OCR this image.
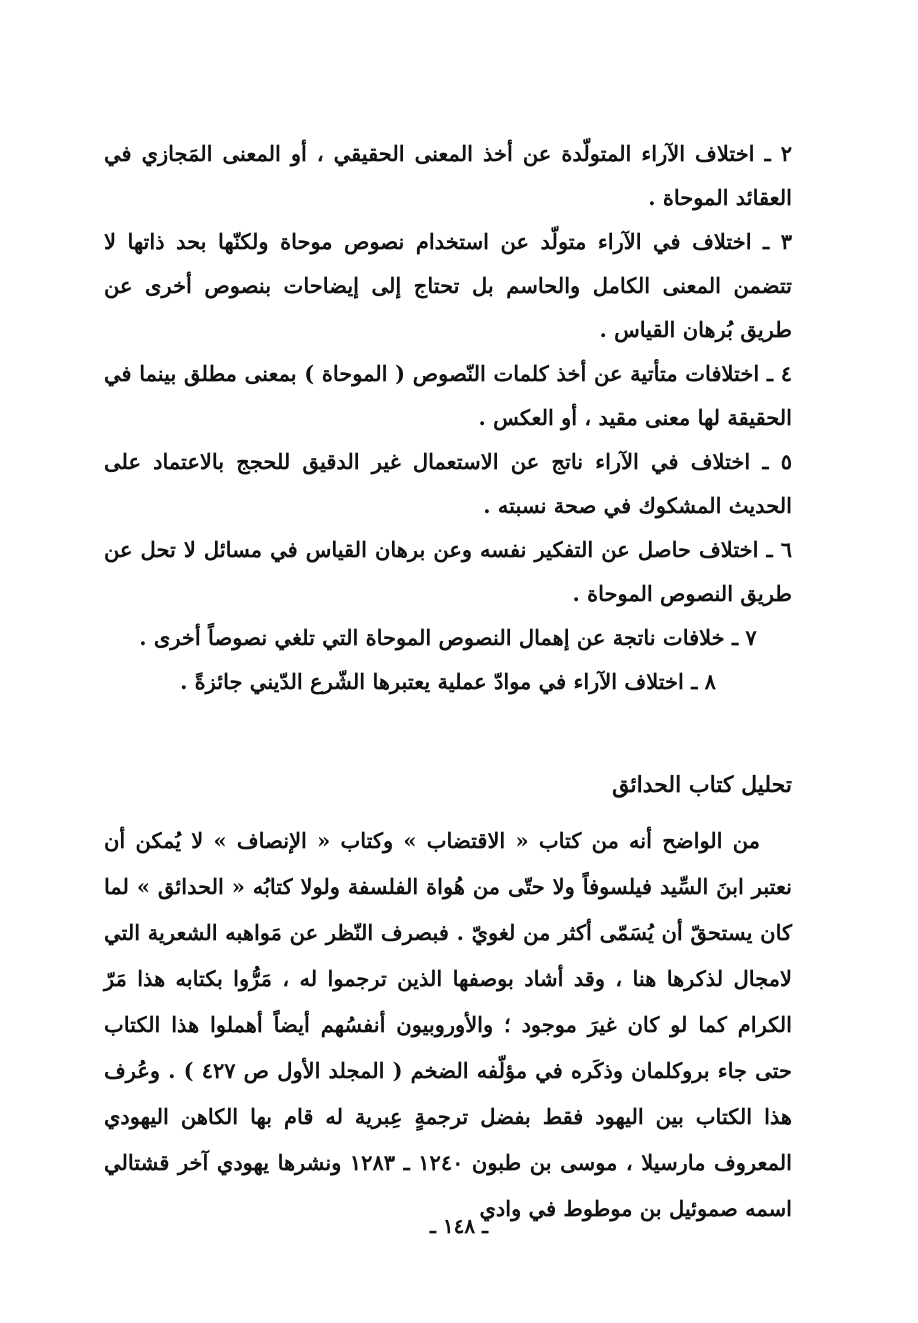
٢ ـ اختلاف الآراء المتولّدة عن أخذ المعنى الحقيقي ، أو المعنى المَجازي في العقائد الموحاة .

٣ ـ اختلاف في الآراء متولّد عن استخدام نصوص موحاة ولكنّها بحد ذاتها لا تتضمن المعنى الكامل والحاسم بل تحتاج إلى إيضاحات بنصوص أخرى عن طريق بُرهان القياس .

٤ ـ اختلافات متأتية عن أخذ كلمات النّصوص ( الموحاة ) بمعنى مطلق بينما في الحقيقة لها معنى مقيد ، أو العكس .

٥ ـ اختلاف في الآراء ناتج عن الاستعمال غير الدقيق للحجج بالاعتماد على الحديث المشكوك في صحة نسبته .

٦ ـ اختلاف حاصل عن التفكير نفسه وعن برهان القياس في مسائل لا تحل عن طريق النصوص الموحاة .

٧ ـ خلافات ناتجة عن إهمال النصوص الموحاة التي تلغي نصوصاً أخرى .

٨ ـ اختلاف الآراء في موادّ عملية يعتبرها الشّرع الدّيني جائزةً .

تحليل كتاب الحدائق

من الواضح أنه من كتاب « الاقتضاب » وكتاب « الإنصاف » لا يُمكن أن نعتبر ابنَ السِّيد فيلسوفاً ولا حتّى من هُواة الفلسفة ولولا كتابُه « الحدائق » لما كان يستحقّ أن يُسَمّى أكثر من لغويّ . فبصرف النّظر عن مَواهبه الشعرية التي لامجال لذكرها هنا ، وقد أشاد بوصفها الذين ترجموا له ، مَرُّوا بكتابه هذا مَرّ الكرام كما لو كان غيرَ موجود ؛ والأوروبيون أنفسُهم أيضاً أهملوا هذا الكتاب حتى جاء بروكلمان وذكَره في مؤلّفه الضخم ( المجلد الأول ص ٤٢٧ ) . وعُرف هذا الكتاب بين اليهود فقط بفضل ترجمةٍ عِبرية له قام بها الكاهن اليهودي المعروف مارسيلا ، موسى بن طبون ١٢٤٠ ـ ١٢٨٣ ونشرها يهودي آخر قشتالي اسمه صموئيل بن موطوط في وادي

ـ ١٤٨ ـ
